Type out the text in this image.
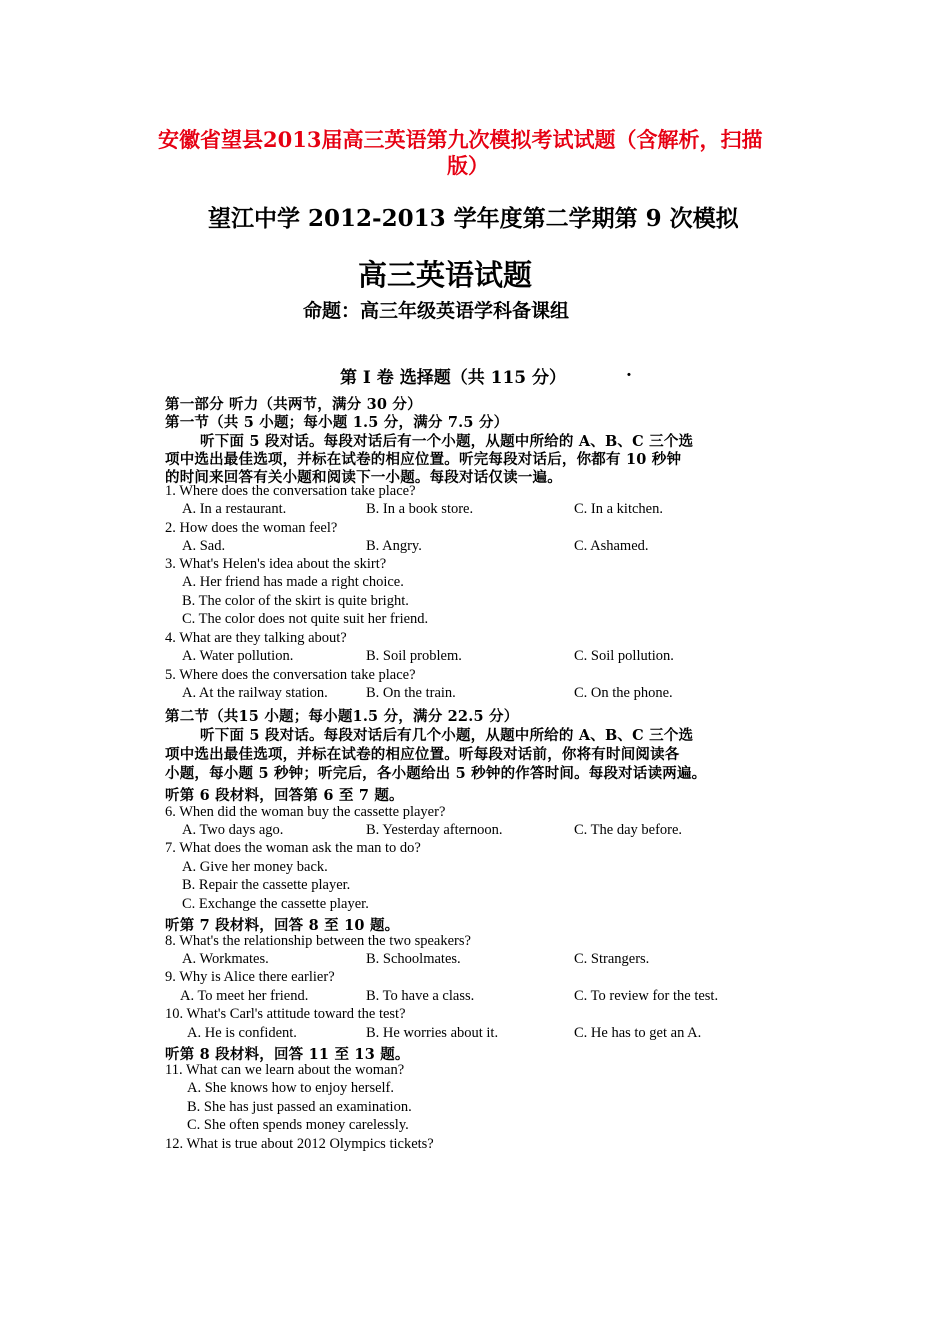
安徽省望县2013届高三英语第九次模拟考试试题（含解析，扫描
版）
望江中学 2012-2013 学年度第二学期第 9 次模拟
高三英语试题
命题：高三年级英语学科备课组
第 I 卷 选择题（共 115 分）	.
第一部分 听力（共两节，满分 30 分）
第一节（共 5 小题；每小题 1.5 分，满分 7.5 分）
听下面 5 段对话。每段对话后有一个小题，从题中所给的 A、B、C 三个选
项中选出最佳选项，并标在试卷的相应位置。听完每段对话后，你都有 10 秒钟
的时间来回答有关小题和阅读下一小题。每段对话仅读一遍。
1. Where does the conversation take place?
A. In a restaurant.	B. In a book store.	C. In a kitchen.
2. How does the woman feel?
A. Sad.	B. Angry.	C. Ashamed.
3. What's Helen's idea about the skirt?
A. Her friend has made a right choice.
B. The color of the skirt is quite bright.
C. The color does not quite suit her friend.
4. What are they talking about?
A. Water pollution.	B. Soil problem.	C. Soil pollution.
5. Where does the conversation take place?
A. At the railway station.	B. On the train.	C. On the phone.
第二节（共15 小题；每小题1.5 分，满分 22.5 分）
听下面 5 段对话。每段对话后有几个小题，从题中所给的 A、B、C 三个选
项中选出最佳选项，并标在试卷的相应位置。听每段对话前，你将有时间阅读各
小题，每小题 5 秒钟；听完后，各小题给出 5 秒钟的作答时间。每段对话读两遍。
听第 6 段材料，回答第 6 至 7 题。
6. When did the woman buy the cassette player?
A. Two days ago.	B. Yesterday afternoon.	C. The day before.
7. What does the woman ask the man to do?
A. Give her money back.
B. Repair the cassette player.
C. Exchange the cassette player.
听第 7 段材料，回答 8 至 10 题。
8. What's the relationship between the two speakers?
A. Workmates.	B. Schoolmates.	C. Strangers.
9. Why is Alice there earlier?
A. To meet her friend.	B. To have a class.	C. To review for the test.
10. What's Carl's attitude toward the test?
A. He is confident.	B. He worries about it.	C. He has to get an A.
听第 8 段材料，回答 11 至 13 题。
11. What can we learn about the woman?
A. She knows how to enjoy herself.
B. She has just passed an examination.
C. She often spends money carelessly.
12. What is true about 2012 Olympics tickets?
